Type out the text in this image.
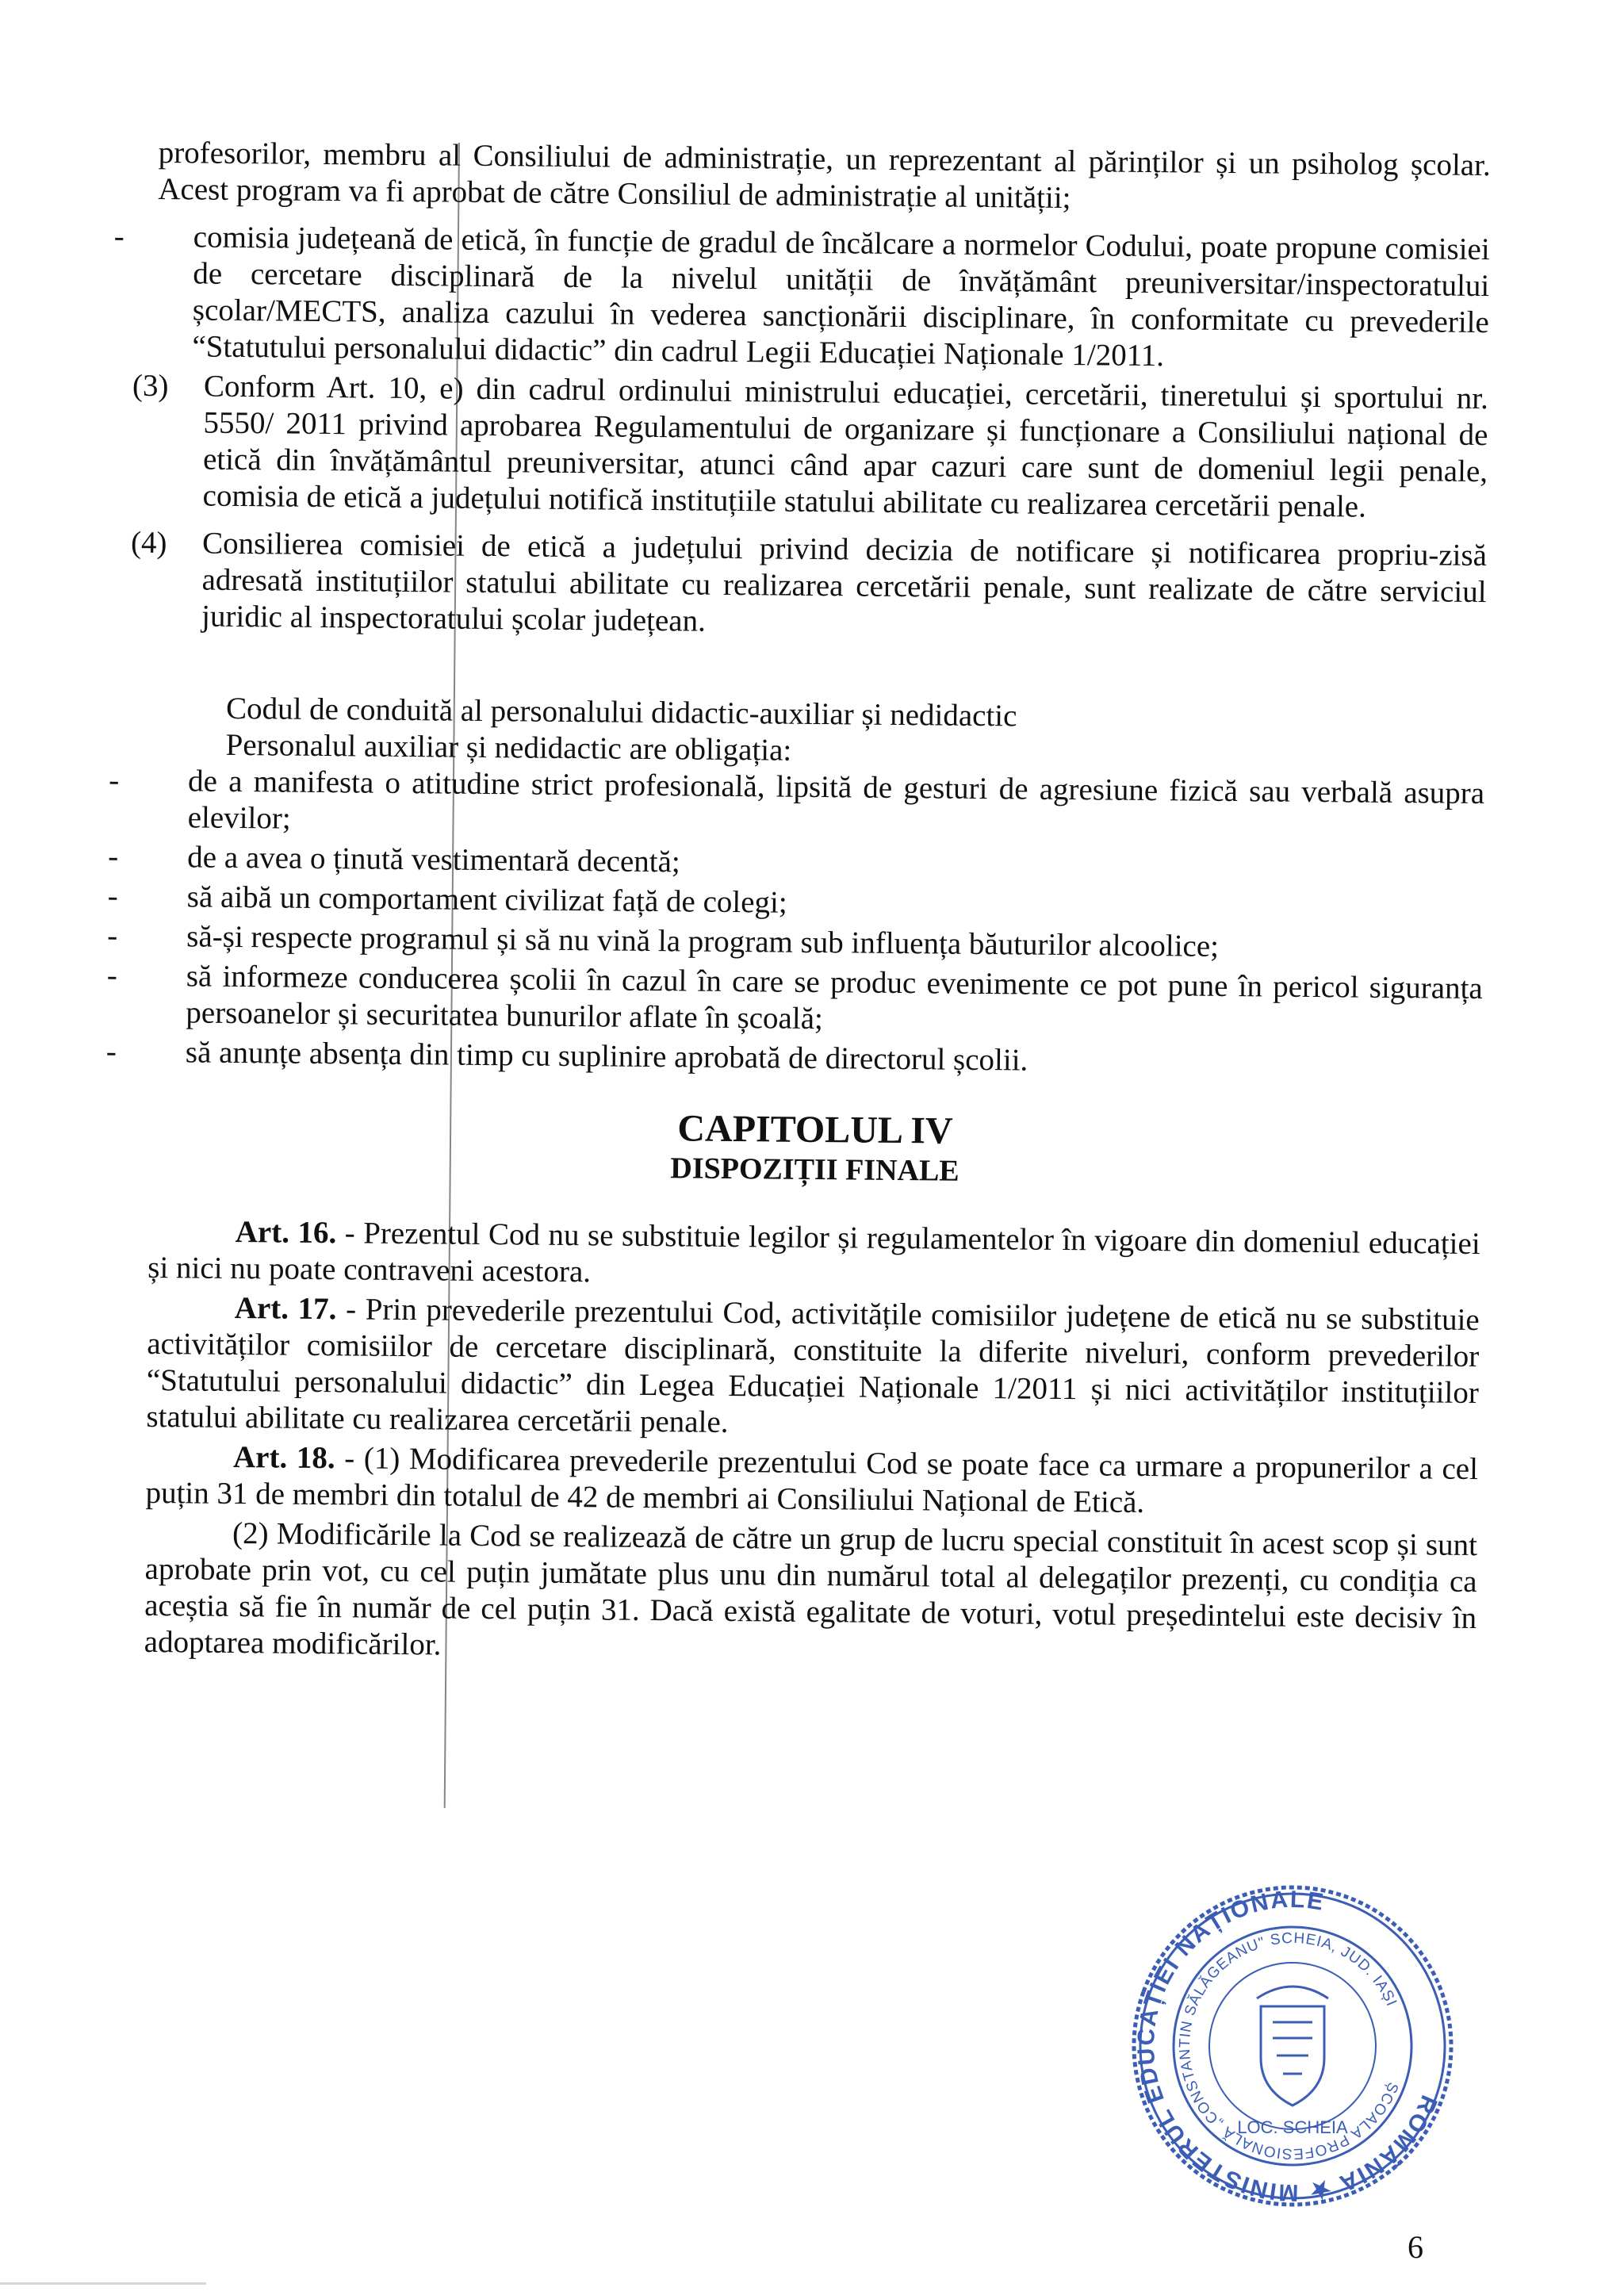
profesorilor, membru al Consiliului de administrație, un reprezentant al părinților și un psiholog școlar. Acest program va fi aprobat de către Consiliul de administrație al unității;

- comisia județeană de etică, în funcție de gradul de încălcare a normelor Codului, poate propune comisiei de cercetare disciplinară de la nivelul unității de învățământ preuniversitar/inspectoratului școlar/MECTS, analiza cazului în vederea sancționării disciplinare, în conformitate cu prevederile “Statutului personalului didactic” din cadrul Legii Educației Naționale 1/2011.
(3) Conform Art. 10, e) din cadrul ordinului ministrului educației, cercetării, tineretului și sportului nr. 5550/ 2011 privind aprobarea Regulamentului de organizare și funcționare a Consiliului național de etică din învățământul preuniversitar, atunci când apar cazuri care sunt de domeniul legii penale, comisia de etică a județului notifică instituțiile statului abilitate cu realizarea cercetării penale.
(4) Consilierea comisiei de etică a județului privind decizia de notificare și notificarea propriu-zisă adresată instituțiilor statului abilitate cu realizarea cercetării penale, sunt realizate de către serviciul juridic al inspectoratului școlar județean.
Codul de conduită al personalului didactic-auxiliar și nedidactic
Personalul auxiliar și nedidactic are obligația:
- de a manifesta o atitudine strict profesională, lipsită de gesturi de agresiune fizică sau verbală asupra elevilor;
- de a avea o ținută vestimentară decentă;
- să aibă un comportament civilizat față de colegi;
- să-și respecte programul și să nu vină la program sub influența băuturilor alcoolice;
- să informeze conducerea școlii în cazul în care se produc evenimente ce pot pune în pericol siguranța persoanelor și securitatea bunurilor aflate în școală;
- să anunțe absența din timp cu suplinire aprobată de directorul școlii.
CAPITOLUL IV
DISPOZIȚII FINALE

Art. 16. - Prezentul Cod nu se substituie legilor și regulamentelor în vigoare din domeniul educației și nici nu poate contraveni acestora.

Art. 17. - Prin prevederile prezentului Cod, activitățile comisiilor județene de etică nu se substituie activităților comisiilor de cercetare disciplinară, constituite la diferite niveluri, conform prevederilor “Statutului personalului didactic” din Legea Educației Naționale 1/2011 și nici activităților instituțiilor statului abilitate cu realizarea cercetării penale.

Art. 18. - (1) Modificarea prevederile prezentului Cod se poate face ca urmare a propunerilor a cel puțin 31 de membri din totalul de 42 de membri ai Consiliului Național de Etică.

(2) Modificările la Cod se realizează de către un grup de lucru special constituit în acest scop și sunt aprobate prin vot, cu cel puțin jumătate plus unu din numărul total al delegaților prezenți, cu condiția ca aceștia să fie în număr de cel puțin 31. Dacă există egalitate de voturi, votul președintelui este decisiv în adoptarea modificărilor.

ROMÂNIA ★ MINISTERUL EDUCAȚIEI NAȚIONALE
ȘCOALA PROFESIONALĂ „CONSTANTIN SĂLĂGEANU" SCHEIA, JUD. IAȘI
LOC. SCHEIA
6
